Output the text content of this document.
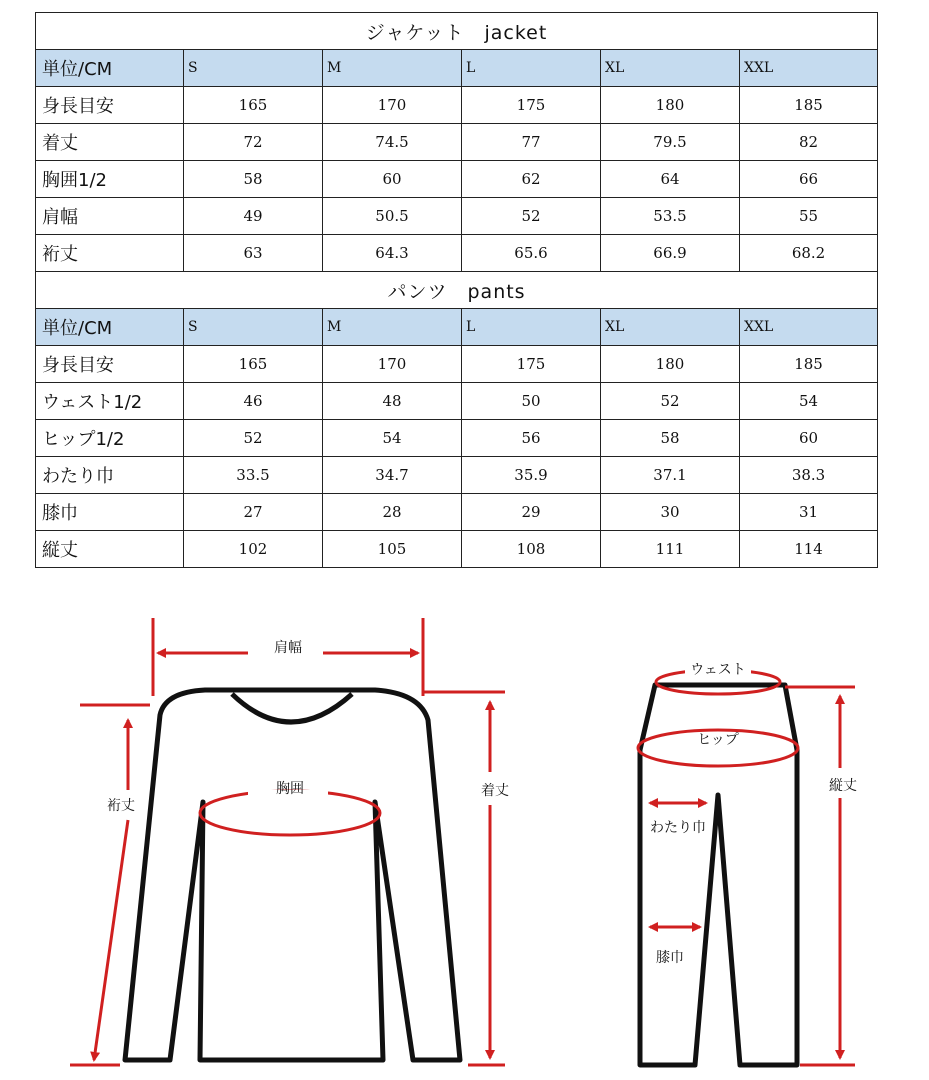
ジャケット　jacket					
単位/CM	S	M	L	XL	XXL
身長目安	165	170	175	180	185
着丈	72	74.5	77	79.5	82
胸囲1/2	58	60	62	64	66
肩幅	49	50.5	52	53.5	55
裄丈	63	64.3	65.6	66.9	68.2
パンツ　pants					
単位/CM	S	M	L	XL	XXL
身長目安	165	170	175	180	185
ウェスト1/2	46	48	50	52	54
ヒップ1/2	52	54	56	58	60
わたり巾	33.5	34.7	35.9	37.1	38.3
膝巾	27	28	29	30	31
縦丈	102	105	108	111	114
肩幅
裄丈
胸囲	着丈
ウェスト
ヒップ
わたり巾
膝巾
縦丈
